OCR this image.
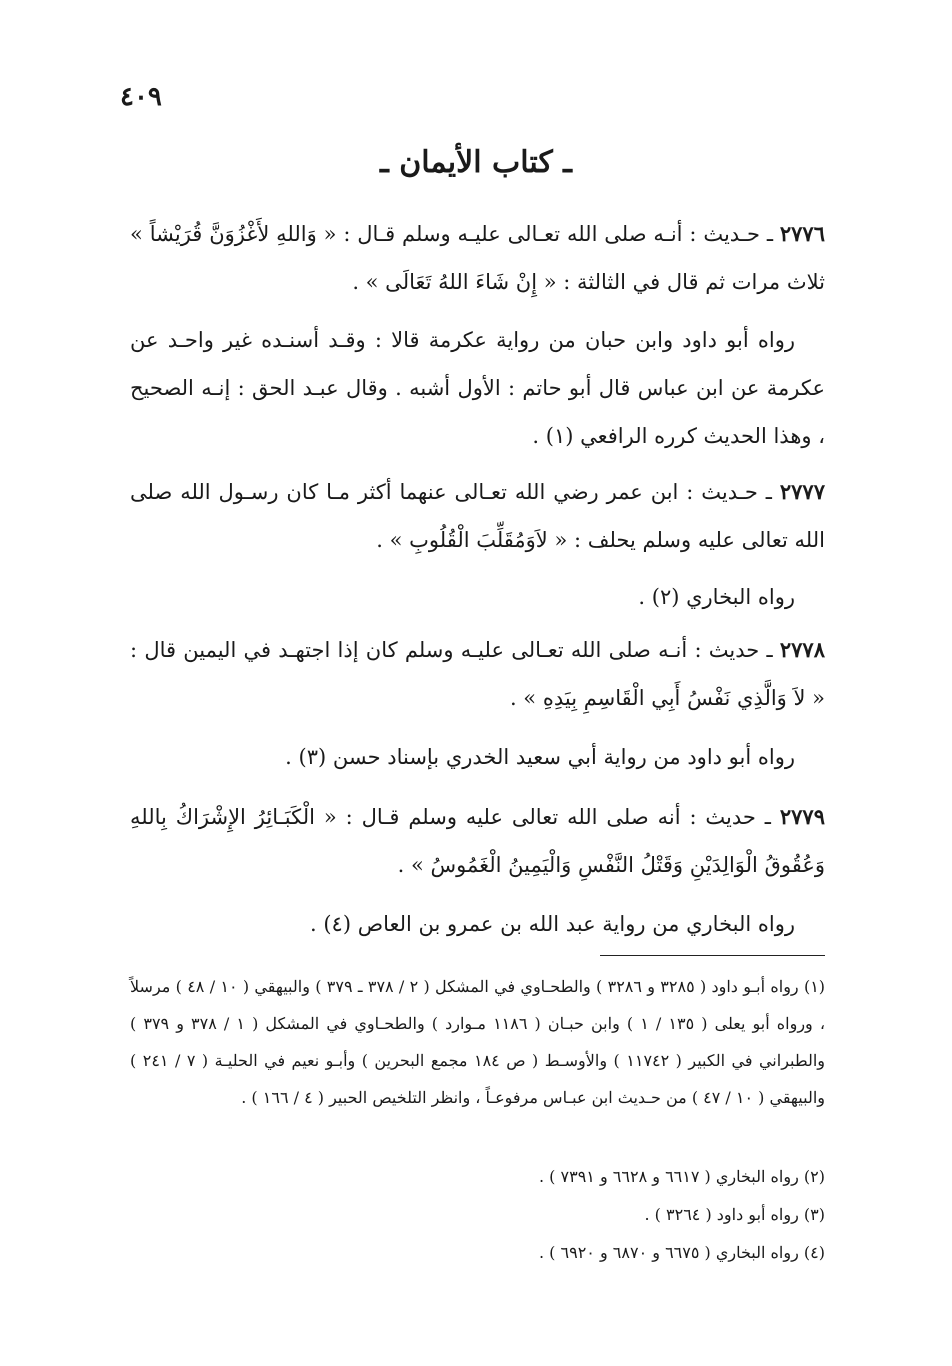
٤٠٩
ـ كتاب الأيمان ـ
٢٧٧٦ ـ حـديث : أنـه صلى الله تعـالى عليـه وسلم قـال : « وَاللهِ لأَغْزُوَنَّ قُرَيْشاً » ثلاث مرات ثم قال في الثالثة : « إِنْ شَاءَ اللهُ تَعَالَى » .
رواه أبو داود وابن حبان من رواية عكرمة قالا : وقـد أسنـده غير واحـد عن عكرمة عن ابن عباس قال أبو حاتم : الأول أشبه . وقال عبـد الحق : إنـه الصحيح ، وهذا الحديث كرره الرافعي (١) .
٢٧٧٧ ـ حـديث : ابن عمر رضي الله تعـالى عنهما أكثر مـا كان رسـول الله صلى الله تعالى عليه وسلم يحلف : « لاَوَمُقَلِّبَ الْقُلُوبِ » .
رواه البخاري (٢) .
٢٧٧٨ ـ حديث : أنـه صلى الله تعـالى عليـه وسلم كان إذا اجتهـد في اليمين قال : « لاَ وَالَّذِي نَفْسُ أَبِي الْقَاسِمِ بِيَدِهِ » .
رواه أبو داود من رواية أبي سعيد الخدري بإسناد حسن (٣) .
٢٧٧٩ ـ حديث : أنه صلى الله تعالى عليه وسلم قـال : « الْكَبَـائِرُ الإِشْرَاكُ بِاللهِ وَعُقُوقُ الْوَالِدَيْنِ وَقَتْلُ النَّفْسِ وَالْيَمِينُ الْغَمُوسُ » .
رواه البخاري من رواية عبد الله بن عمرو بن العاص (٤) .
(١) رواه أبـو داود ( ٣٢٨٥ و ٣٢٨٦ ) والطحـاوي في المشكل ( ٢ / ٣٧٨ ـ ٣٧٩ ) والبيهقي ( ١٠ / ٤٨ ) مرسلاً ، ورواه أبو يعلى ( ١٣٥ / ١ ) وابن حبـان ( ١١٨٦ مـوارد ) والطحـاوي في المشكل ( ١ / ٣٧٨ و ٣٧٩ ) والطبراني في الكبير ( ١١٧٤٢ ) والأوسـط ( ص ١٨٤ مجمع البحرين ) وأبـو نعيم في الحليـة ( ٧ / ٢٤١ ) والبيهقي ( ١٠ / ٤٧ ) من حـديث ابن عبـاس مرفوعـاً ، وانظر التلخيص الحبير ( ٤ / ١٦٦ ) .
(٢) رواه البخاري ( ٦٦١٧ و ٦٦٢٨ و ٧٣٩١ ) .
(٣) رواه أبو داود ( ٣٢٦٤ ) .
(٤) رواه البخاري ( ٦٦٧٥ و ٦٨٧٠ و ٦٩٢٠ ) .
